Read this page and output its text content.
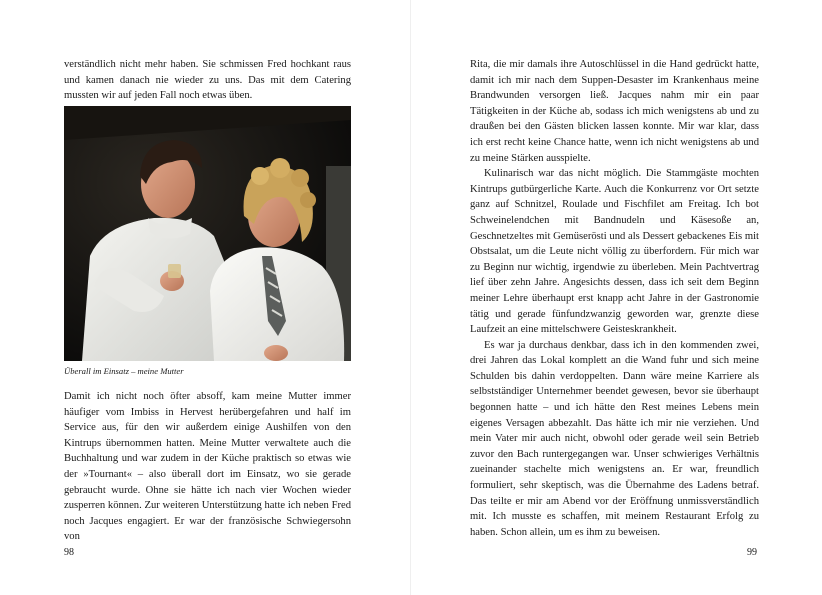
verständlich nicht mehr haben. Sie schmissen Fred hochkant raus und kamen danach nie wieder zu uns. Das mit dem Catering mussten wir auf jeden Fall noch etwas üben.

Überall im Einsatz – meine Mutter

Damit ich nicht noch öfter absoff, kam meine Mutter immer häufiger vom Imbiss in Hervest herübergefahren und half im Service aus, für den wir außerdem einige Aushilfen von den Kintrups übernommen hatten. Meine Mutter verwaltete auch die Buchhaltung und war zudem in der Küche praktisch so etwas wie der »Tournant« – also überall dort im Einsatz, wo sie gerade gebraucht wurde. Ohne sie hätte ich nach vier Wochen wieder zusperren können. Zur weiteren Unterstützung hatte ich neben Fred noch Jacques engagiert. Er war der französische Schwiegersohn von

98

Rita, die mir damals ihre Autoschlüssel in die Hand gedrückt hatte, damit ich mir nach dem Suppen-Desaster im Krankenhaus meine Brandwunden versorgen ließ. Jacques nahm mir ein paar Tätigkeiten in der Küche ab, sodass ich mich wenigstens ab und zu draußen bei den Gästen blicken lassen konnte. Mir war klar, dass ich erst recht keine Chance hatte, wenn ich nicht wenigstens ab und zu meine Stärken ausspielte.

Kulinarisch war das nicht möglich. Die Stammgäste mochten Kintrups gutbürgerliche Karte. Auch die Konkurrenz vor Ort setzte ganz auf Schnitzel, Roulade und Fischfilet am Freitag. Ich bot Schweinelendchen mit Bandnudeln und Käsesoße an, Geschnetzeltes mit Gemüserösti und als Dessert gebackenes Eis mit Obstsalat, um die Leute nicht völlig zu überfordern. Für mich war zu Beginn nur wichtig, irgendwie zu überleben. Mein Pachtvertrag lief über zehn Jahre. Angesichts dessen, dass ich seit dem Beginn meiner Lehre überhaupt erst knapp acht Jahre in der Gastronomie tätig und gerade fünfundzwanzig geworden war, grenzte diese Laufzeit an eine mittelschwere Geisteskrankheit.

Es war ja durchaus denkbar, dass ich in den kommenden zwei, drei Jahren das Lokal komplett an die Wand fuhr und sich meine Schulden bis dahin verdoppelten. Dann wäre meine Karriere als selbstständiger Unternehmer beendet gewesen, bevor sie überhaupt begonnen hatte – und ich hätte den Rest meines Lebens mein eigenes Versagen abbezahlt. Das hätte ich mir nie verziehen. Und mein Vater mir auch nicht, obwohl oder gerade weil sein Betrieb zuvor den Bach runtergegangen war. Unser schwieriges Verhältnis zueinander stachelte mich wenigstens an. Er war, freundlich formuliert, sehr skeptisch, was die Übernahme des Ladens betraf. Das teilte er mir am Abend vor der Eröffnung unmissverständlich mit. Ich musste es schaffen, mit meinem Restaurant Erfolg zu haben. Schon allein, um es ihm zu beweisen.

99
